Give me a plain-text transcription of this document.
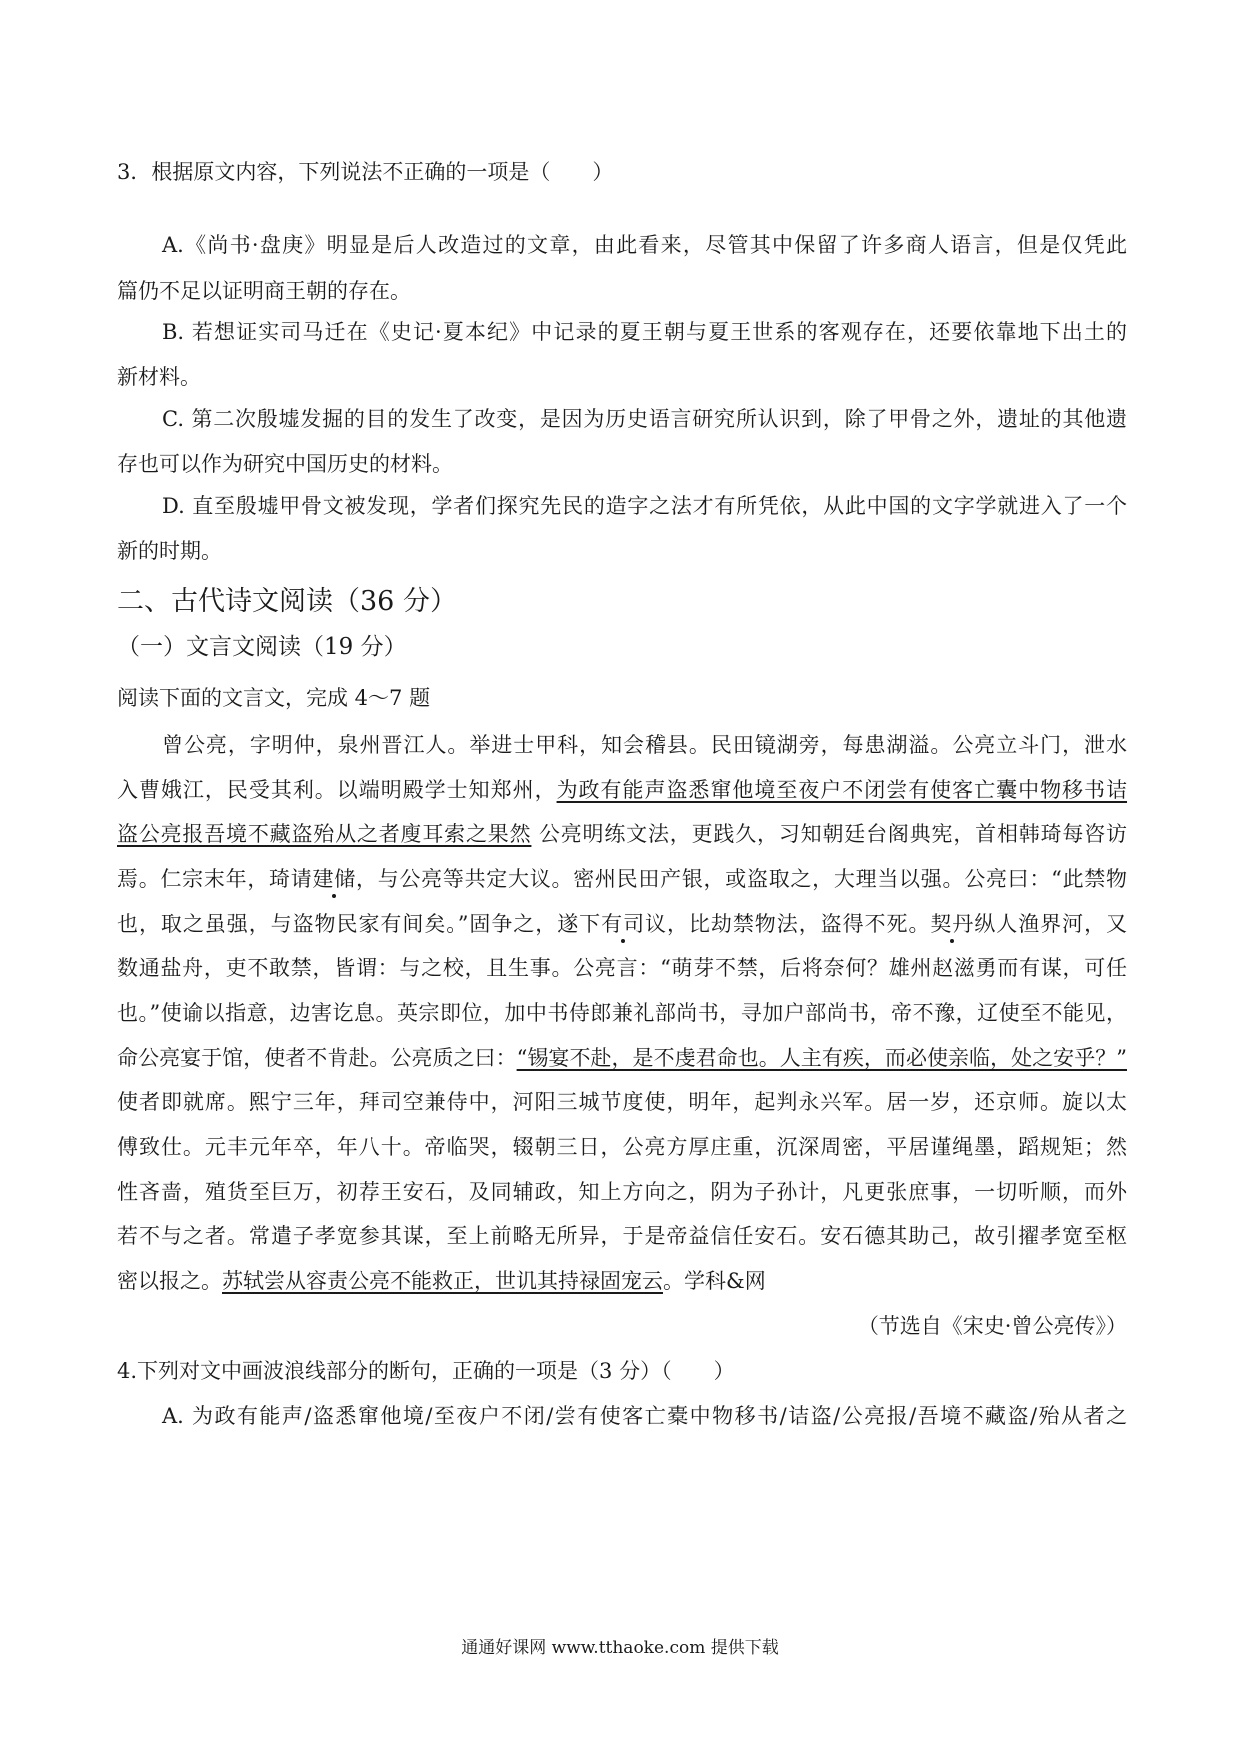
3．根据原文内容，下列说法不正确的一项是（　　）
A.《尚书·盘庚》明显是后人改造过的文章，由此看来，尽管其中保留了许多商人语言，但是仅凭此
篇仍不足以证明商王朝的存在。
B. 若想证实司马迁在《史记·夏本纪》中记录的夏王朝与夏王世系的客观存在，还要依靠地下出土的
新材料。
C. 第二次殷墟发掘的目的发生了改变，是因为历史语言研究所认识到，除了甲骨之外，遗址的其他遗
存也可以作为研究中国历史的材料。
D. 直至殷墟甲骨文被发现，学者们探究先民的造字之法才有所凭依，从此中国的文字学就进入了一个
新的时期。
二、古代诗文阅读（36 分）
（一）文言文阅读（19 分）
阅读下面的文言文，完成 4～7 题
曾公亮，字明仲，泉州晋江人。举进士甲科，知会稽县。民田镜湖旁，每患湖溢。公亮立斗门，泄水
入曹娥江，民受其利。以端明殿学士知郑州，为政有能声盗悉窜他境至夜户不闭尝有使客亡囊中物移书诘
盗公亮报吾境不藏盗殆从之者廋耳索之果然 公亮明练文法，更践久，习知朝廷台阁典宪，首相韩琦每咨访
焉。仁宗末年，琦请建储，与公亮等共定大议。密州民田产银，或盗取之，大理当以强。公亮曰：“此禁物
也，取之虽强，与盗物民家有间矣。”固争之，遂下有司议，比劫禁物法，盗得不死。契丹纵人渔界河，又
数通盐舟，吏不敢禁，皆谓：与之校，且生事。公亮言：“萌芽不禁，后将奈何？雄州赵滋勇而有谋，可任
也。”使谕以指意，边害讫息。英宗即位，加中书侍郎兼礼部尚书，寻加户部尚书，帝不豫，辽使至不能见，
命公亮宴于馆，使者不肯赴。公亮质之曰：“锡宴不赴，是不虔君命也。人主有疾，而必使亲临，处之安乎？”
使者即就席。熙宁三年，拜司空兼侍中，河阳三城节度使，明年，起判永兴军。居一岁，还京师。旋以太
傅致仕。元丰元年卒，年八十。帝临哭，辍朝三日，公亮方厚庄重，沉深周密，平居谨绳墨，蹈规矩；然
性吝啬，殖货至巨万，初荐王安石，及同辅政，知上方向之，阴为子孙计，凡更张庶事，一切听顺，而外
若不与之者。常遣子孝宽参其谋，至上前略无所异，于是帝益信任安石。安石德其助己，故引擢孝宽至枢
密以报之。苏轼尝从容责公亮不能救正，世讥其持禄固宠云。学科&网
（节选自《宋史·曾公亮传》）
4.下列对文中画波浪线部分的断句，正确的一项是（3 分）（　　）
A. 为政有能声/盗悉窜他境/至夜户不闭/尝有使客亡橐中物移书/诘盗/公亮报/吾境不藏盗/殆从者之
通通好课网 www.tthaoke.com 提供下载
